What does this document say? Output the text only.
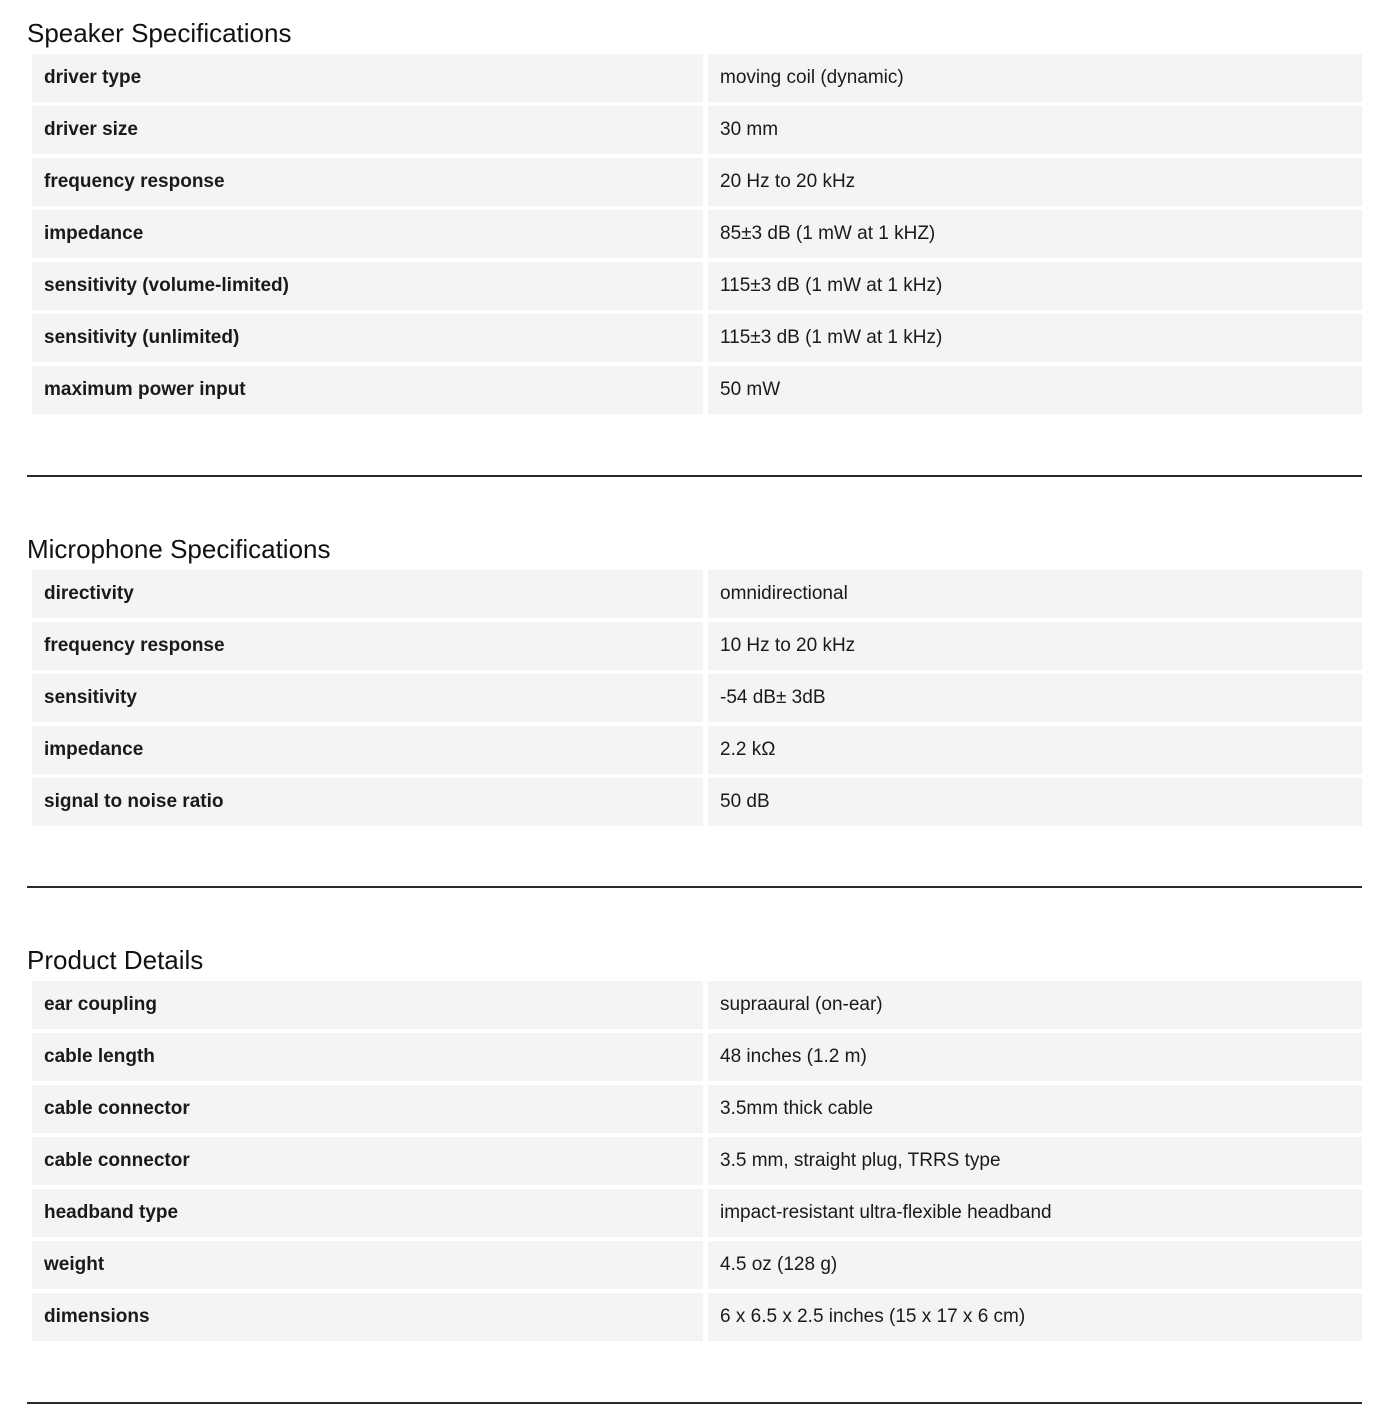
Speaker Specifications
driver type	moving coil (dynamic)
driver size	30 mm
frequency response	20 Hz to 20 kHz
impedance	85±3 dB (1 mW at 1 kHZ)
sensitivity (volume-limited)	115±3 dB (1 mW at 1 kHz)
sensitivity (unlimited)	115±3 dB (1 mW at 1 kHz)
maximum power input	50 mW
Microphone Specifications
directivity	omnidirectional
frequency response	10 Hz to 20 kHz
sensitivity	-54 dB± 3dB
impedance	2.2 kΩ
signal to noise ratio	50 dB
Product Details
ear coupling	supraaural (on-ear)
cable length	48 inches (1.2 m)
cable connector	3.5mm thick cable
cable connector	3.5 mm, straight plug, TRRS type
headband type	impact-resistant ultra-flexible headband
weight	4.5 oz (128 g)
dimensions	6 x 6.5 x 2.5 inches (15 x 17 x 6 cm)
